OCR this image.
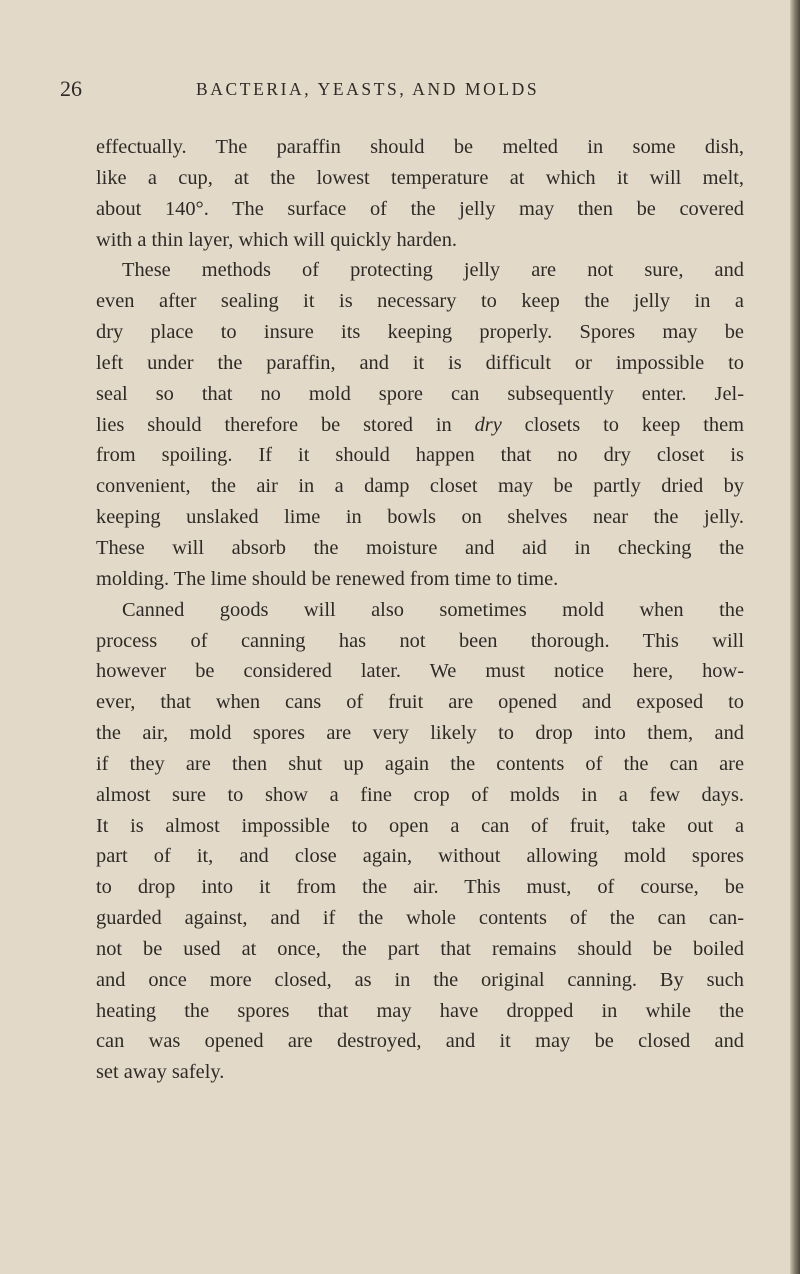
26	BACTERIA, YEASTS, AND MOLDS

effectually. The paraffin should be melted in some dish,
like a cup, at the lowest temperature at which it will melt,
about 140°. The surface of the jelly may then be covered
with a thin layer, which will quickly harden.

These methods of protecting jelly are not sure, and
even after sealing it is necessary to keep the jelly in a
dry place to insure its keeping properly. Spores may be
left under the paraffin, and it is difficult or impossible to
seal so that no mold spore can subsequently enter. Jel-
lies should therefore be stored in dry closets to keep them
from spoiling. If it should happen that no dry closet is
convenient, the air in a damp closet may be partly dried by
keeping unslaked lime in bowls on shelves near the jelly.
These will absorb the moisture and aid in checking the
molding. The lime should be renewed from time to time.

Canned goods will also sometimes mold when the
process of canning has not been thorough. This will
however be considered later. We must notice here, how-
ever, that when cans of fruit are opened and exposed to
the air, mold spores are very likely to drop into them, and
if they are then shut up again the contents of the can are
almost sure to show a fine crop of molds in a few days.
It is almost impossible to open a can of fruit, take out a
part of it, and close again, without allowing mold spores
to drop into it from the air. This must, of course, be
guarded against, and if the whole contents of the can can-
not be used at once, the part that remains should be boiled
and once more closed, as in the original canning. By such
heating the spores that may have dropped in while the
can was opened are destroyed, and it may be closed and
set away safely.
